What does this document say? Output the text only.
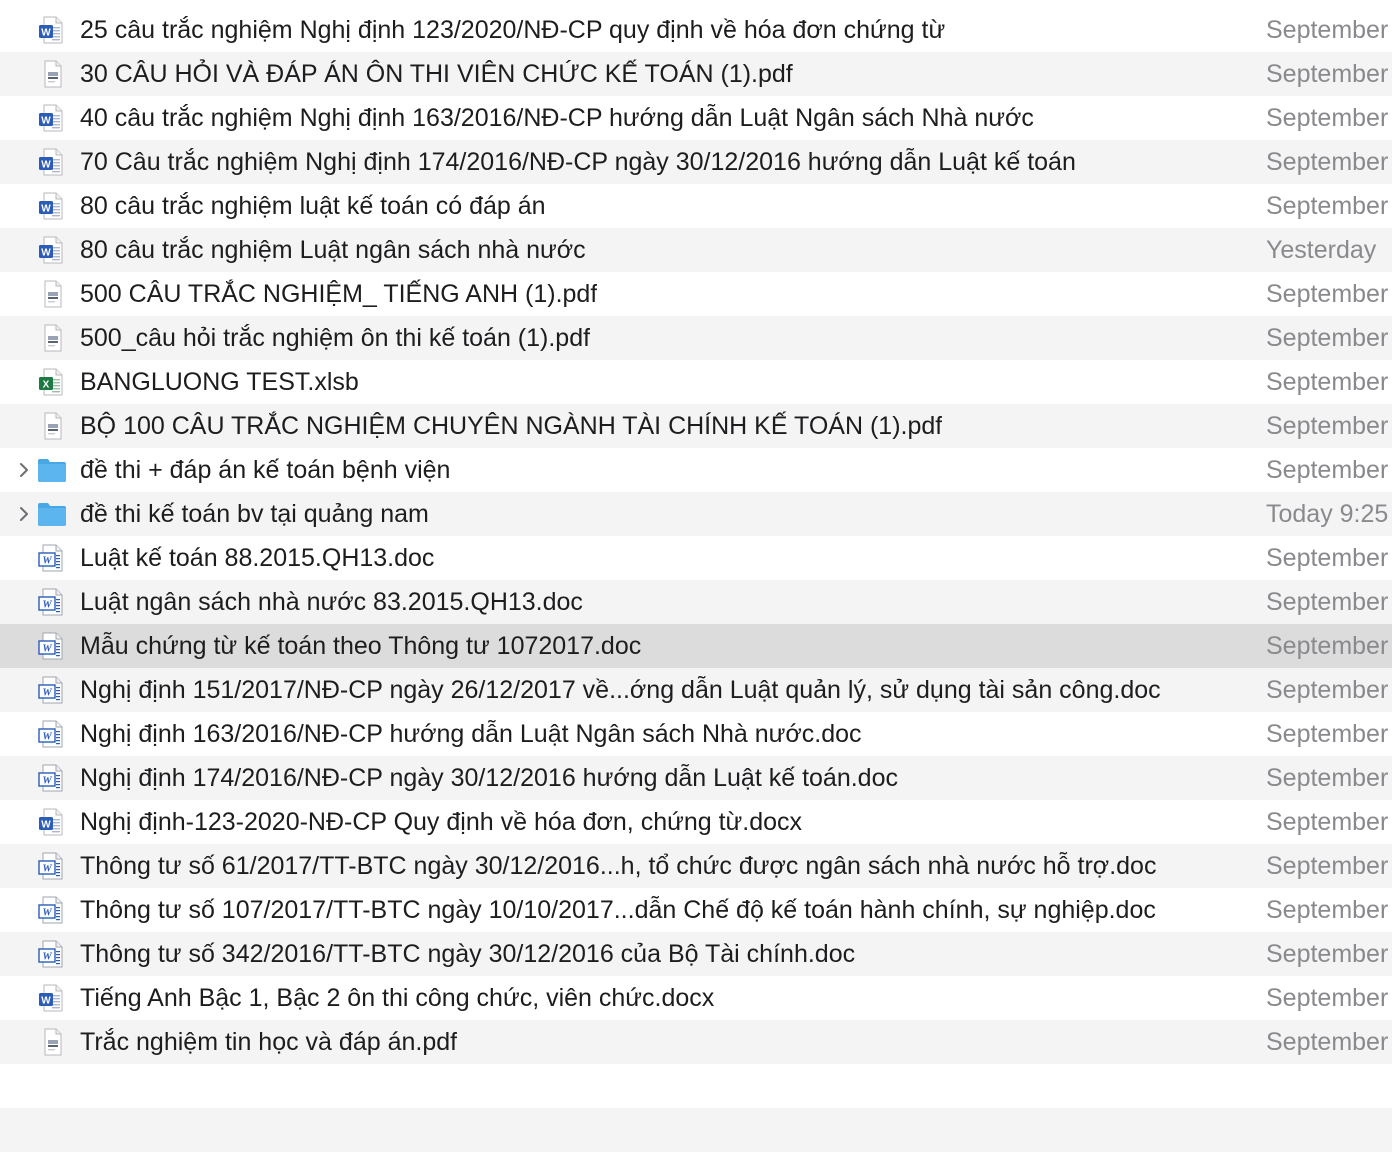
W 25 câu trắc nghiệm Nghị định 123/2020/NĐ-CP quy định về hóa đơn chứng từ	September
30 CÂU HỎI VÀ ĐÁP ÁN ÔN THI VIÊN CHỨC KẾ TOÁN (1).pdf	September
W 40 câu trắc nghiệm Nghị định 163/2016/NĐ-CP hướng dẫn Luật Ngân sách Nhà nước	September
W 70 Câu trắc nghiệm Nghị định 174/2016/NĐ-CP ngày 30/12/2016 hướng dẫn Luật kế toán	September
W 80 câu trắc nghiệm luật kế toán có đáp án	September
W 80 câu trắc nghiệm Luật ngân sách nhà nước	Yesterday
500 CÂU TRẮC NGHIỆM_ TIẾNG ANH (1).pdf	September
500_câu hỏi trắc nghiệm ôn thi kế toán (1).pdf	September
X BANGLUONG TEST.xlsb	September
BỘ 100 CÂU TRẮC NGHIỆM CHUYÊN NGÀNH TÀI CHÍNH KẾ TOÁN (1).pdf	September
đề thi + đáp án kế toán bệnh viện	September
đề thi kế toán bv tại quảng nam	Today 9:25
W Luật kế toán 88.2015.QH13.doc	September
W Luật ngân sách nhà nước 83.2015.QH13.doc	September
W Mẫu chứng từ kế toán theo Thông tư 1072017.doc	September
W Nghị định 151/2017/NĐ-CP ngày 26/12/2017 về...ớng dẫn Luật quản lý, sử dụng tài sản công.doc	September
W Nghị định 163/2016/NĐ-CP hướng dẫn Luật Ngân sách Nhà nước.doc	September
W Nghị định 174/2016/NĐ-CP ngày 30/12/2016 hướng dẫn Luật kế toán.doc	September
W Nghị định-123-2020-NĐ-CP Quy định về hóa đơn, chứng từ.docx	September
W Thông tư số 61/2017/TT-BTC ngày 30/12/2016...h, tổ chức được ngân sách nhà nước hỗ trợ.doc	September
W Thông tư số 107/2017/TT-BTC ngày 10/10/2017...dẫn Chế độ kế toán hành chính, sự nghiệp.doc	September
W Thông tư số 342/2016/TT-BTC ngày 30/12/2016 của Bộ Tài chính.doc	September
W Tiếng Anh Bậc 1, Bậc 2 ôn thi công chức, viên chức.docx	September
Trắc nghiệm tin học và đáp án.pdf	September
